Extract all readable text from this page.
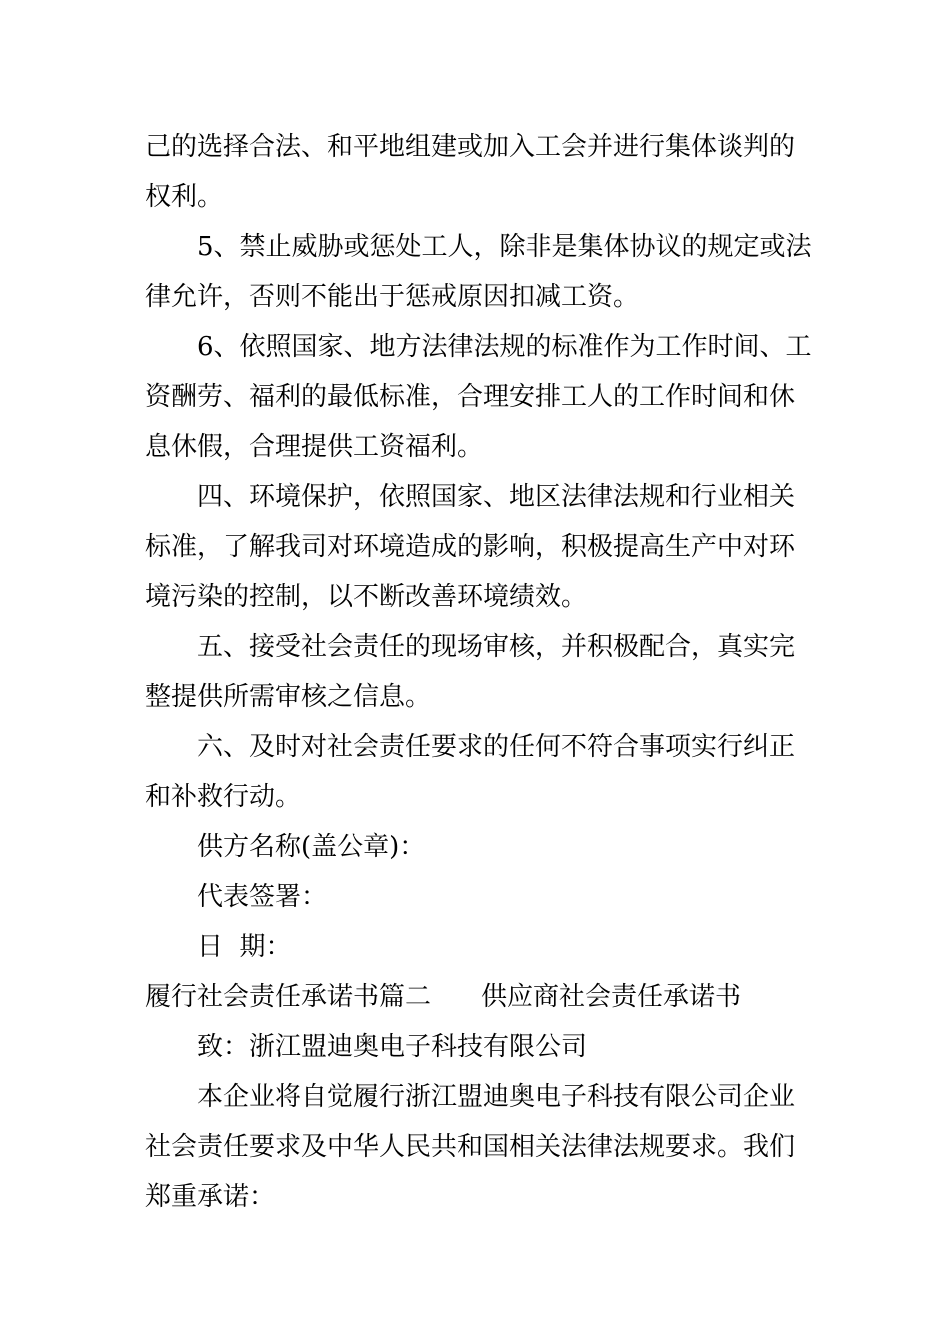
己的选择合法、和平地组建或加入工会并进行集体谈判的
权利。
5、禁止威胁或惩处工人，除非是集体协议的规定或法
律允许，否则不能出于惩戒原因扣减工资。
6、依照国家、地方法律法规的标准作为工作时间、工
资酬劳、福利的最低标准，合理安排工人的工作时间和休
息休假，合理提供工资福利。
四、环境保护，依照国家、地区法律法规和行业相关
标准，了解我司对环境造成的影响，积极提高生产中对环
境污染的控制，以不断改善环境绩效。
五、接受社会责任的现场审核，并积极配合，真实完
整提供所需审核之信息。
六、及时对社会责任要求的任何不符合事项实行纠正
和补救行动。
供方名称(盖公章)：
代表签署：
日  期：
履行社会责任承诺书篇二 供应商社会责任承诺书
致：浙江盟迪奥电子科技有限公司
本企业将自觉履行浙江盟迪奥电子科技有限公司企业
社会责任要求及中华人民共和国相关法律法规要求。我们
郑重承诺：
